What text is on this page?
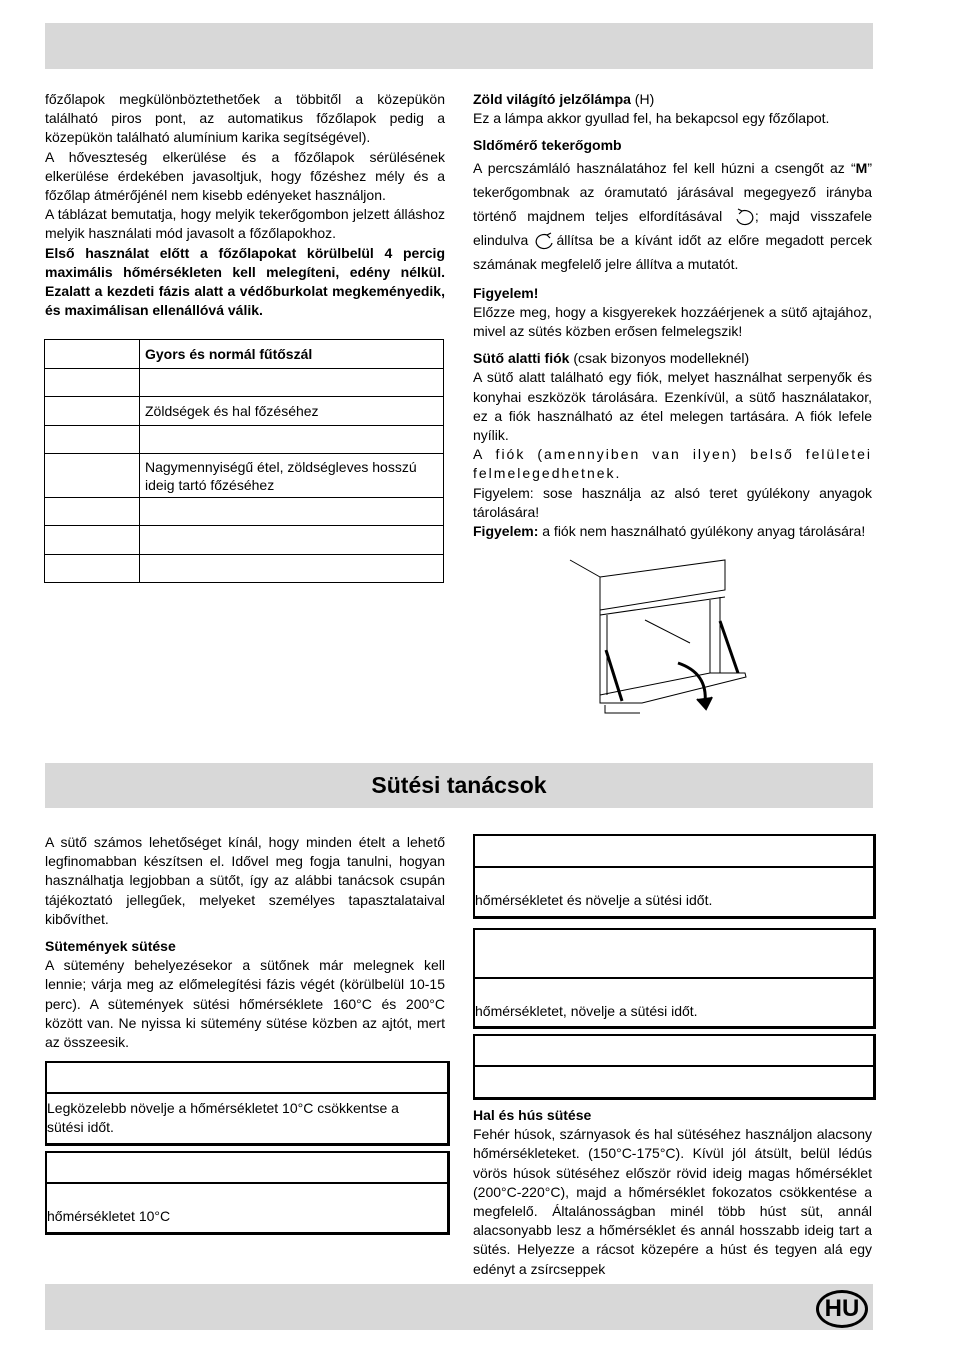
főzőlapok megkülönböztethetőek a többitől a közepükön található piros pont, az automatikus főzőlapok pedig a közepükön található alumínium karika segítségével).

A hőveszteség elkerülése és a főzőlapok sérülésének elkerülése érdekében javasoltjuk, hogy főzéshez mély és a főzőlap átmérőjénél nem kisebb edényeket használjon.

A táblázat bemutatja, hogy melyik tekerőgombon jelzett álláshoz melyik használati mód javasolt a főzőlapokhoz.

Első használat előtt a főzőlapokat körülbelül 4 percig maximális hőmérsékleten kell melegíteni, edény nélkül. Ezalatt a kezdeti fázis alatt a védőburkolat megkeményedik, és maximálisan ellenállóvá válik.

	Gyors és normál fűtőszál

	Zöldségek és hal főzéséhez

	Nagymennyiségű étel, zöldségleves hosszú ideig tartó főzéséhez

Zöld világító jelzőlámpa (H)

Ez a lámpa akkor gyullad fel, ha bekapcsol egy főzőlapot.

Sldőmérő tekerőgomb

A percszámláló használatához fel kell húzni a csengőt az “M” tekerőgombnak az óramutató járásával megegyező irányba történő majdnem teljes elfordításával ; majd visszafele elindulva állítsa be a kívánt időt az előre megadott percek számának megfelelő jelre állítva a mutatót.

Figyelem!

Előzze meg, hogy a kisgyerekek hozzáérjenek a sütő ajtajához, mivel az sütés közben erősen felmelegszik!

Sütő alatti fiók (csak bizonyos modelleknél)

A sütő alatt található egy fiók, melyet használhat serpenyők és konyhai eszközök tárolására. Ezenkívül, a sütő használatakor, ez a fiók használható az étel melegen tartására. A fiók lefele nyílik.

A fiók (amennyiben van ilyen) belső felületei felmelegedhetnek.

Figyelem: sose használja az alsó teret gyúlékony anyagok tárolására!

Figyelem: a fiók nem használható gyúlékony anyag tárolására!

Sütési tanácsok

A sütő számos lehetőséget kínál, hogy minden ételt a lehető legfinomabban készítsen el. Idővel meg fogja tanulni, hogyan használhatja legjobban a sütőt, így az alábbi tanácsok csupán tájékoztató jellegűek, melyeket személyes tapasztalataival kibővíthet.

Sütemények sütése

A sütemény behelyezésekor a sütőnek már melegnek kell lennie; várja meg az előmelegítési fázis végét (körülbelül 10-15 perc). A sütemények sütési hőmérséklete 160°C és 200°C között van. Ne nyissa ki sütemény sütése közben az ajtót, mert az összeesik.

Legközelebb növelje a hőmérsékletet 10°C csökkentse a sütési időt.
hőmérsékletet 10°C
hőmérsékletet és növelje a sütési időt.
hőmérsékletet, növelje a sütési időt.

Hal és hús sütése

Fehér húsok, szárnyasok és hal sütéséhez használjon alacsony hőmérsékleteket. (150°C-175°C). Kívül jól átsült, belül lédús vörös húsok sütéséhez először rövid ideig magas hőmérséklet (200°C-220°C), majd a hőmérséklet fokozatos csökkentése a megfelelő. Általánosságban minél több húst süt, annál alacsonyabb lesz a hőmérséklet és annál hosszabb ideig tart a sütés. Helyezze a rácsot közepére a húst és tegyen alá egy edényt a zsírcseppek

HU
